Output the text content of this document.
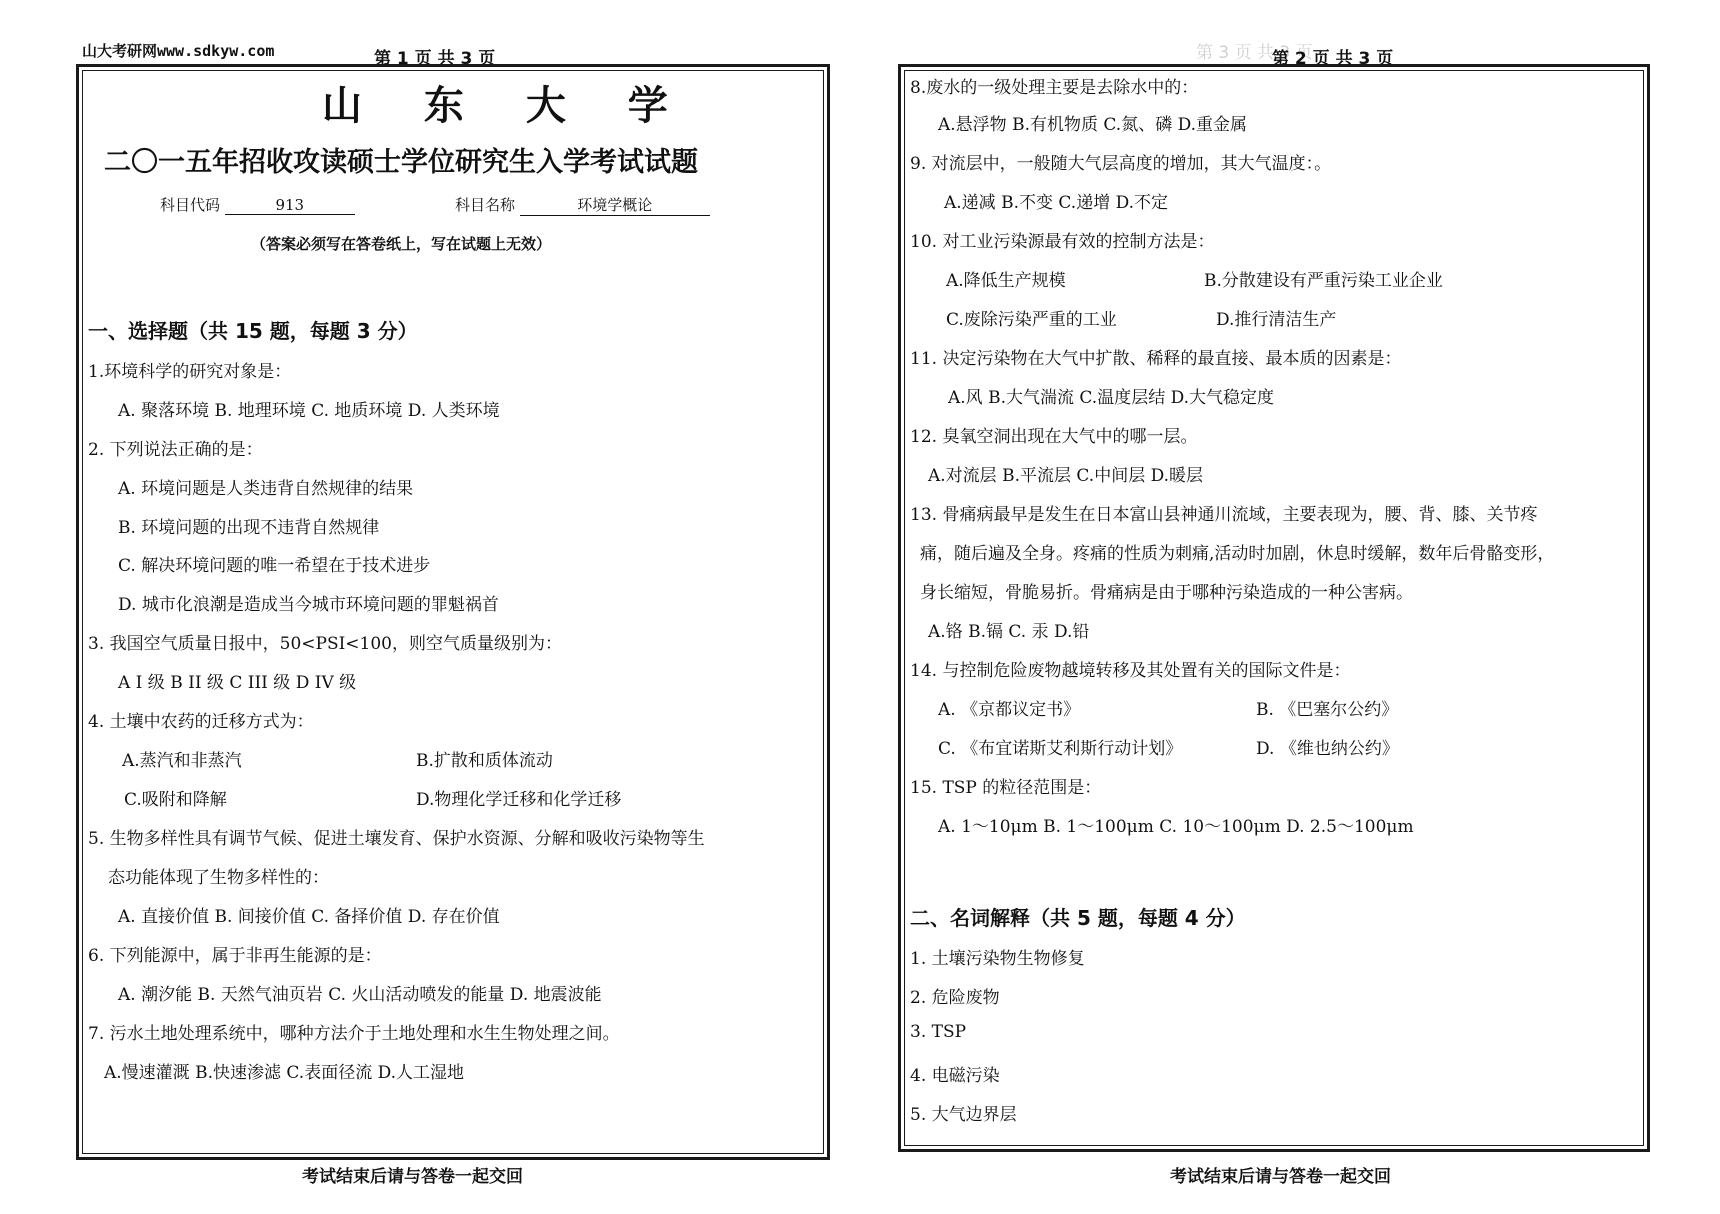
山大考研网www.sdkyw.com	第 1 页 共 3 页
山 东 大 学
二〇一五年招收攻读硕士学位研究生入学考试试题
科目代码	913	科目名称	环境学概论
（答案必须写在答卷纸上，写在试题上无效）
一、选择题（共 15 题，每题 3 分）
1.环境科学的研究对象是：
A. 聚落环境 B. 地理环境 C. 地质环境 D. 人类环境
2. 下列说法正确的是：
A. 环境问题是人类违背自然规律的结果
B. 环境问题的出现不违背自然规律
C. 解决环境问题的唯一希望在于技术进步
D. 城市化浪潮是造成当今城市环境问题的罪魁祸首
3. 我国空气质量日报中，50<PSI<100，则空气质量级别为：
A I 级 B II 级 C III 级 D IV 级
4. 土壤中农药的迁移方式为：
A.蒸汽和非蒸汽	B.扩散和质体流动
C.吸附和降解	D.物理化学迁移和化学迁移
5. 生物多样性具有调节气候、促进土壤发育、保护水资源、分解和吸收污染物等生
态功能体现了生物多样性的：
A. 直接价值 B. 间接价值 C. 备择价值 D. 存在价值
6. 下列能源中，属于非再生能源的是：
A. 潮汐能 B. 天然气油页岩 C. 火山活动喷发的能量 D. 地震波能
7. 污水土地处理系统中，哪种方法介于土地处理和水生生物处理之间。
A.慢速灌溉 B.快速渗滤 C.表面径流 D.人工湿地
考试结束后请与答卷一起交回
第 3 页 共 3 页
第 2 页 共 3 页
8.废水的一级处理主要是去除水中的：
A.悬浮物 B.有机物质 C.氮、磷 D.重金属
9. 对流层中，一般随大气层高度的增加，其大气温度：。
A.递减 B.不变 C.递增 D.不定
10. 对工业污染源最有效的控制方法是：
A.降低生产规模	B.分散建设有严重污染工业企业
C.废除污染严重的工业	D.推行清洁生产
11. 决定污染物在大气中扩散、稀释的最直接、最本质的因素是：
A.风 B.大气湍流 C.温度层结 D.大气稳定度
12. 臭氧空洞出现在大气中的哪一层。
A.对流层 B.平流层 C.中间层 D.暖层
13. 骨痛病最早是发生在日本富山县神通川流域，主要表现为，腰、背、膝、关节疼
痛，随后遍及全身。疼痛的性质为刺痛,活动时加剧，休息时缓解，数年后骨骼变形，
身长缩短，骨脆易折。骨痛病是由于哪种污染造成的一种公害病。
A.铬 B.镉 C. 汞 D.铅
14. 与控制危险废物越境转移及其处置有关的国际文件是：
A. 《京都议定书》	B. 《巴塞尔公约》
C. 《布宜诺斯艾利斯行动计划》	D. 《维也纳公约》
15. TSP 的粒径范围是：
A. 1～10μm B. 1～100μm C. 10～100μm D. 2.5～100μm
二、名词解释（共 5 题，每题 4 分）
1. 土壤污染物生物修复
2. 危险废物
3. TSP
4. 电磁污染
5. 大气边界层
考试结束后请与答卷一起交回
